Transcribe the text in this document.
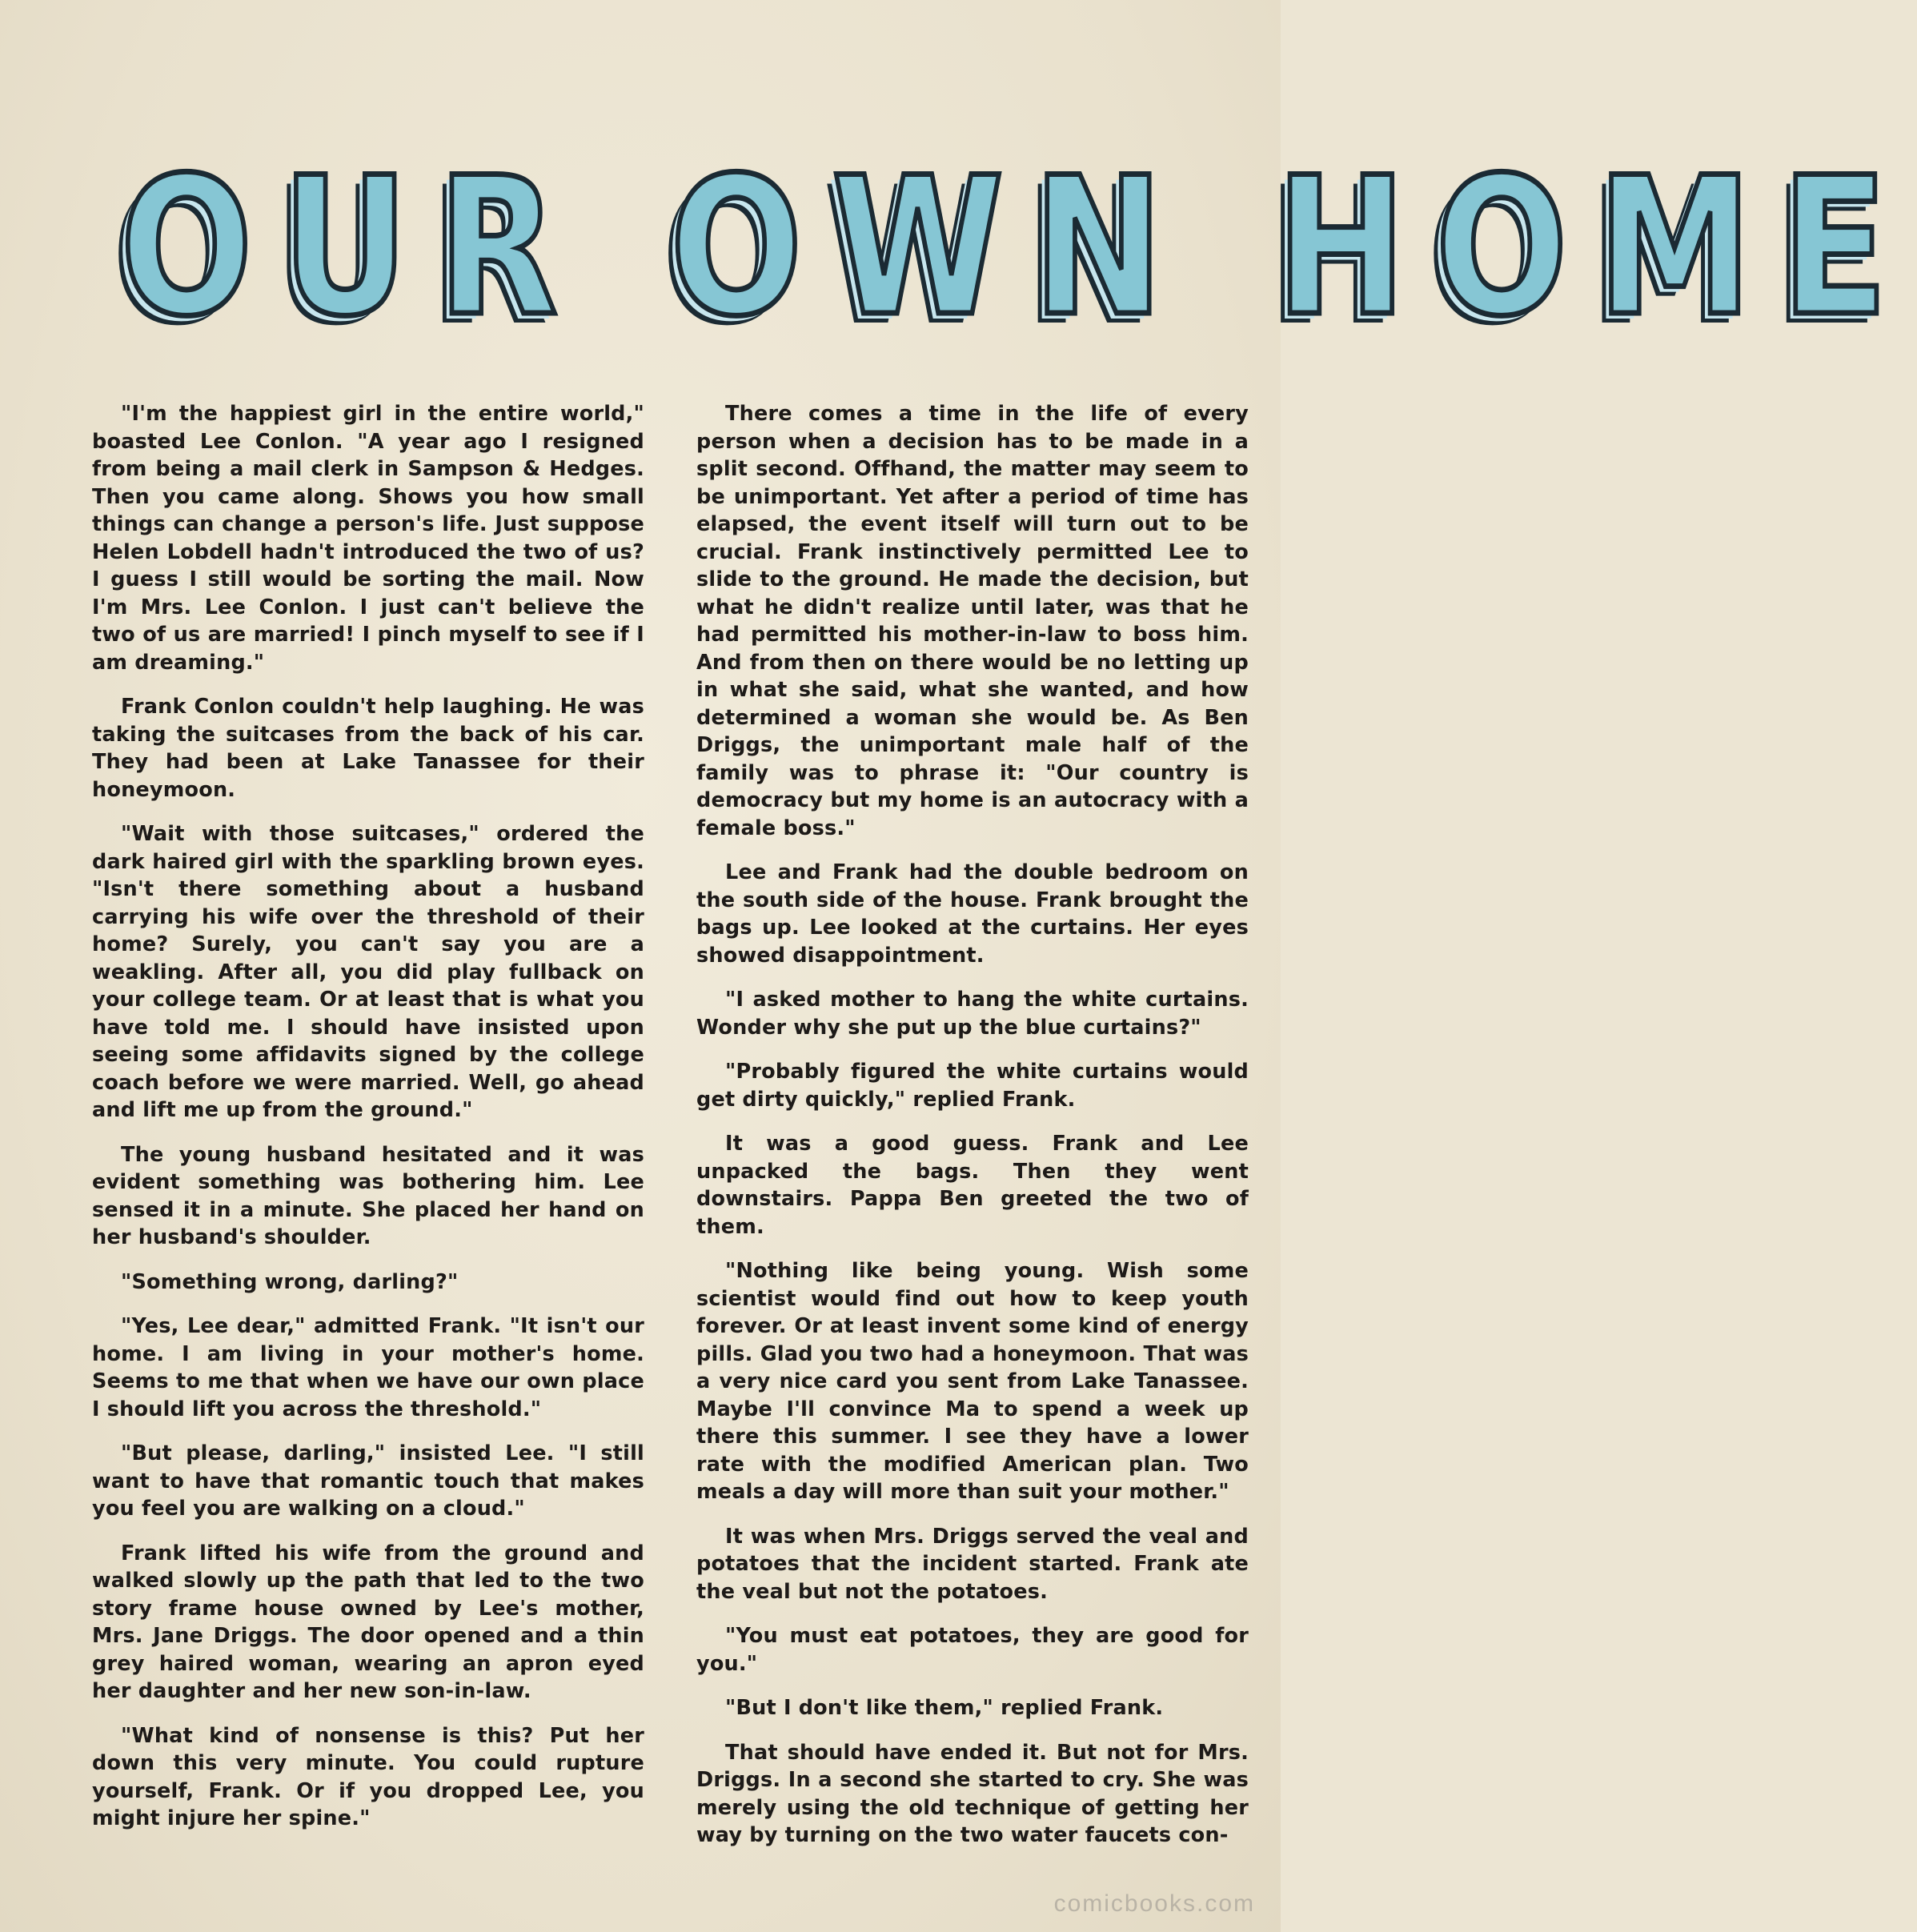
OUR OWN HOME

"I'm the happiest girl in the entire world," boasted Lee Conlon. "A year ago I resigned from being a mail clerk in Sampson & Hedges. Then you came along. Shows you how small things can change a person's life. Just suppose Helen Lobdell hadn't introduced the two of us? I guess I still would be sorting the mail. Now I'm Mrs. Lee Conlon. I just can't believe the two of us are married! I pinch myself to see if I am dreaming."

Frank Conlon couldn't help laughing. He was taking the suitcases from the back of his car. They had been at Lake Tanassee for their honeymoon.

"Wait with those suitcases," ordered the dark haired girl with the sparkling brown eyes. "Isn't there something about a husband carrying his wife over the threshold of their home? Surely, you can't say you are a weakling. After all, you did play fullback on your college team. Or at least that is what you have told me. I should have insisted upon seeing some affidavits signed by the college coach before we were married. Well, go ahead and lift me up from the ground."

The young husband hesitated and it was evident something was bothering him. Lee sensed it in a minute. She placed her hand on her husband's shoulder.

"Something wrong, darling?"

"Yes, Lee dear," admitted Frank. "It isn't our home. I am living in your mother's home. Seems to me that when we have our own place I should lift you across the threshold."

"But please, darling," insisted Lee. "I still want to have that romantic touch that makes you feel you are walking on a cloud."

Frank lifted his wife from the ground and walked slowly up the path that led to the two story frame house owned by Lee's mother, Mrs. Jane Driggs. The door opened and a thin grey haired woman, wearing an apron eyed her daughter and her new son-in-law.

"What kind of nonsense is this? Put her down this very minute. You could rupture yourself, Frank. Or if you dropped Lee, you might injure her spine."

There comes a time in the life of every person when a decision has to be made in a split second. Offhand, the matter may seem to be unimportant. Yet after a period of time has elapsed, the event itself will turn out to be crucial. Frank instinctively permitted Lee to slide to the ground. He made the decision, but what he didn't realize until later, was that he had permitted his mother-in-law to boss him. And from then on there would be no letting up in what she said, what she wanted, and how determined a woman she would be. As Ben Driggs, the unimportant male half of the family was to phrase it: "Our country is democracy but my home is an autocracy with a female boss."

Lee and Frank had the double bedroom on the south side of the house. Frank brought the bags up. Lee looked at the curtains. Her eyes showed disappointment.

"I asked mother to hang the white curtains. Wonder why she put up the blue curtains?"

"Probably figured the white curtains would get dirty quickly," replied Frank.

It was a good guess. Frank and Lee unpacked the bags. Then they went downstairs. Pappa Ben greeted the two of them.

"Nothing like being young. Wish some scientist would find out how to keep youth forever. Or at least invent some kind of energy pills. Glad you two had a honeymoon. That was a very nice card you sent from Lake Tanassee. Maybe I'll convince Ma to spend a week up there this summer. I see they have a lower rate with the modified American plan. Two meals a day will more than suit your mother."

It was when Mrs. Driggs served the veal and potatoes that the incident started. Frank ate the veal but not the potatoes.

"You must eat potatoes, they are good for you."

"But I don't like them," replied Frank.

That should have ended it. But not for Mrs. Driggs. In a second she started to cry. She was merely using the old technique of getting her way by turning on the two water faucets con-

comicbooks.com
